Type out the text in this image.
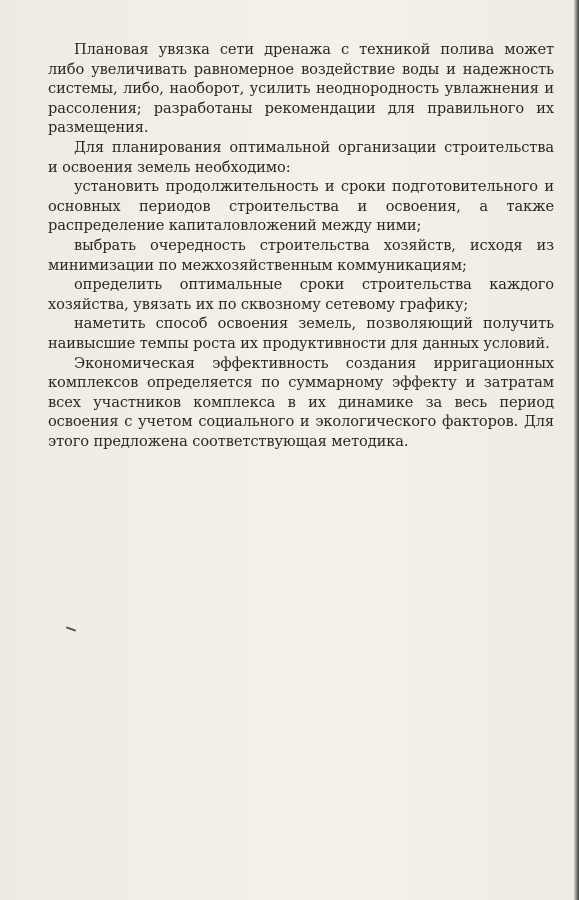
Плановая увязка сети дренажа с техникой полива может либо увеличивать равномерное воздействие воды и надежность системы, либо, наоборот, усилить неоднородность увлажнения и рассоления; разработаны рекомендации для правильного их размещения.

Для планирования оптимальной организации строительства и освоения земель необходимо:

установить продолжительность и сроки подготовительного и основных периодов строительства и освоения, а также распределение капиталовложений между ними;

выбрать очередность строительства хозяйств, исходя из минимизации по межхозяйственным коммуникациям;

определить оптимальные сроки строительства каждого хозяйства, увязать их по сквозному сетевому графику;

наметить способ освоения земель, позволяющий получить наивысшие темпы роста их продуктивности для данных условий.

Экономическая эффективность создания ирригационных комплексов определяется по суммарному эффекту и затратам всех участников комплекса в их динамике за весь период освоения с учетом социального и экологического факторов. Для этого предложена соответствующая методика.
